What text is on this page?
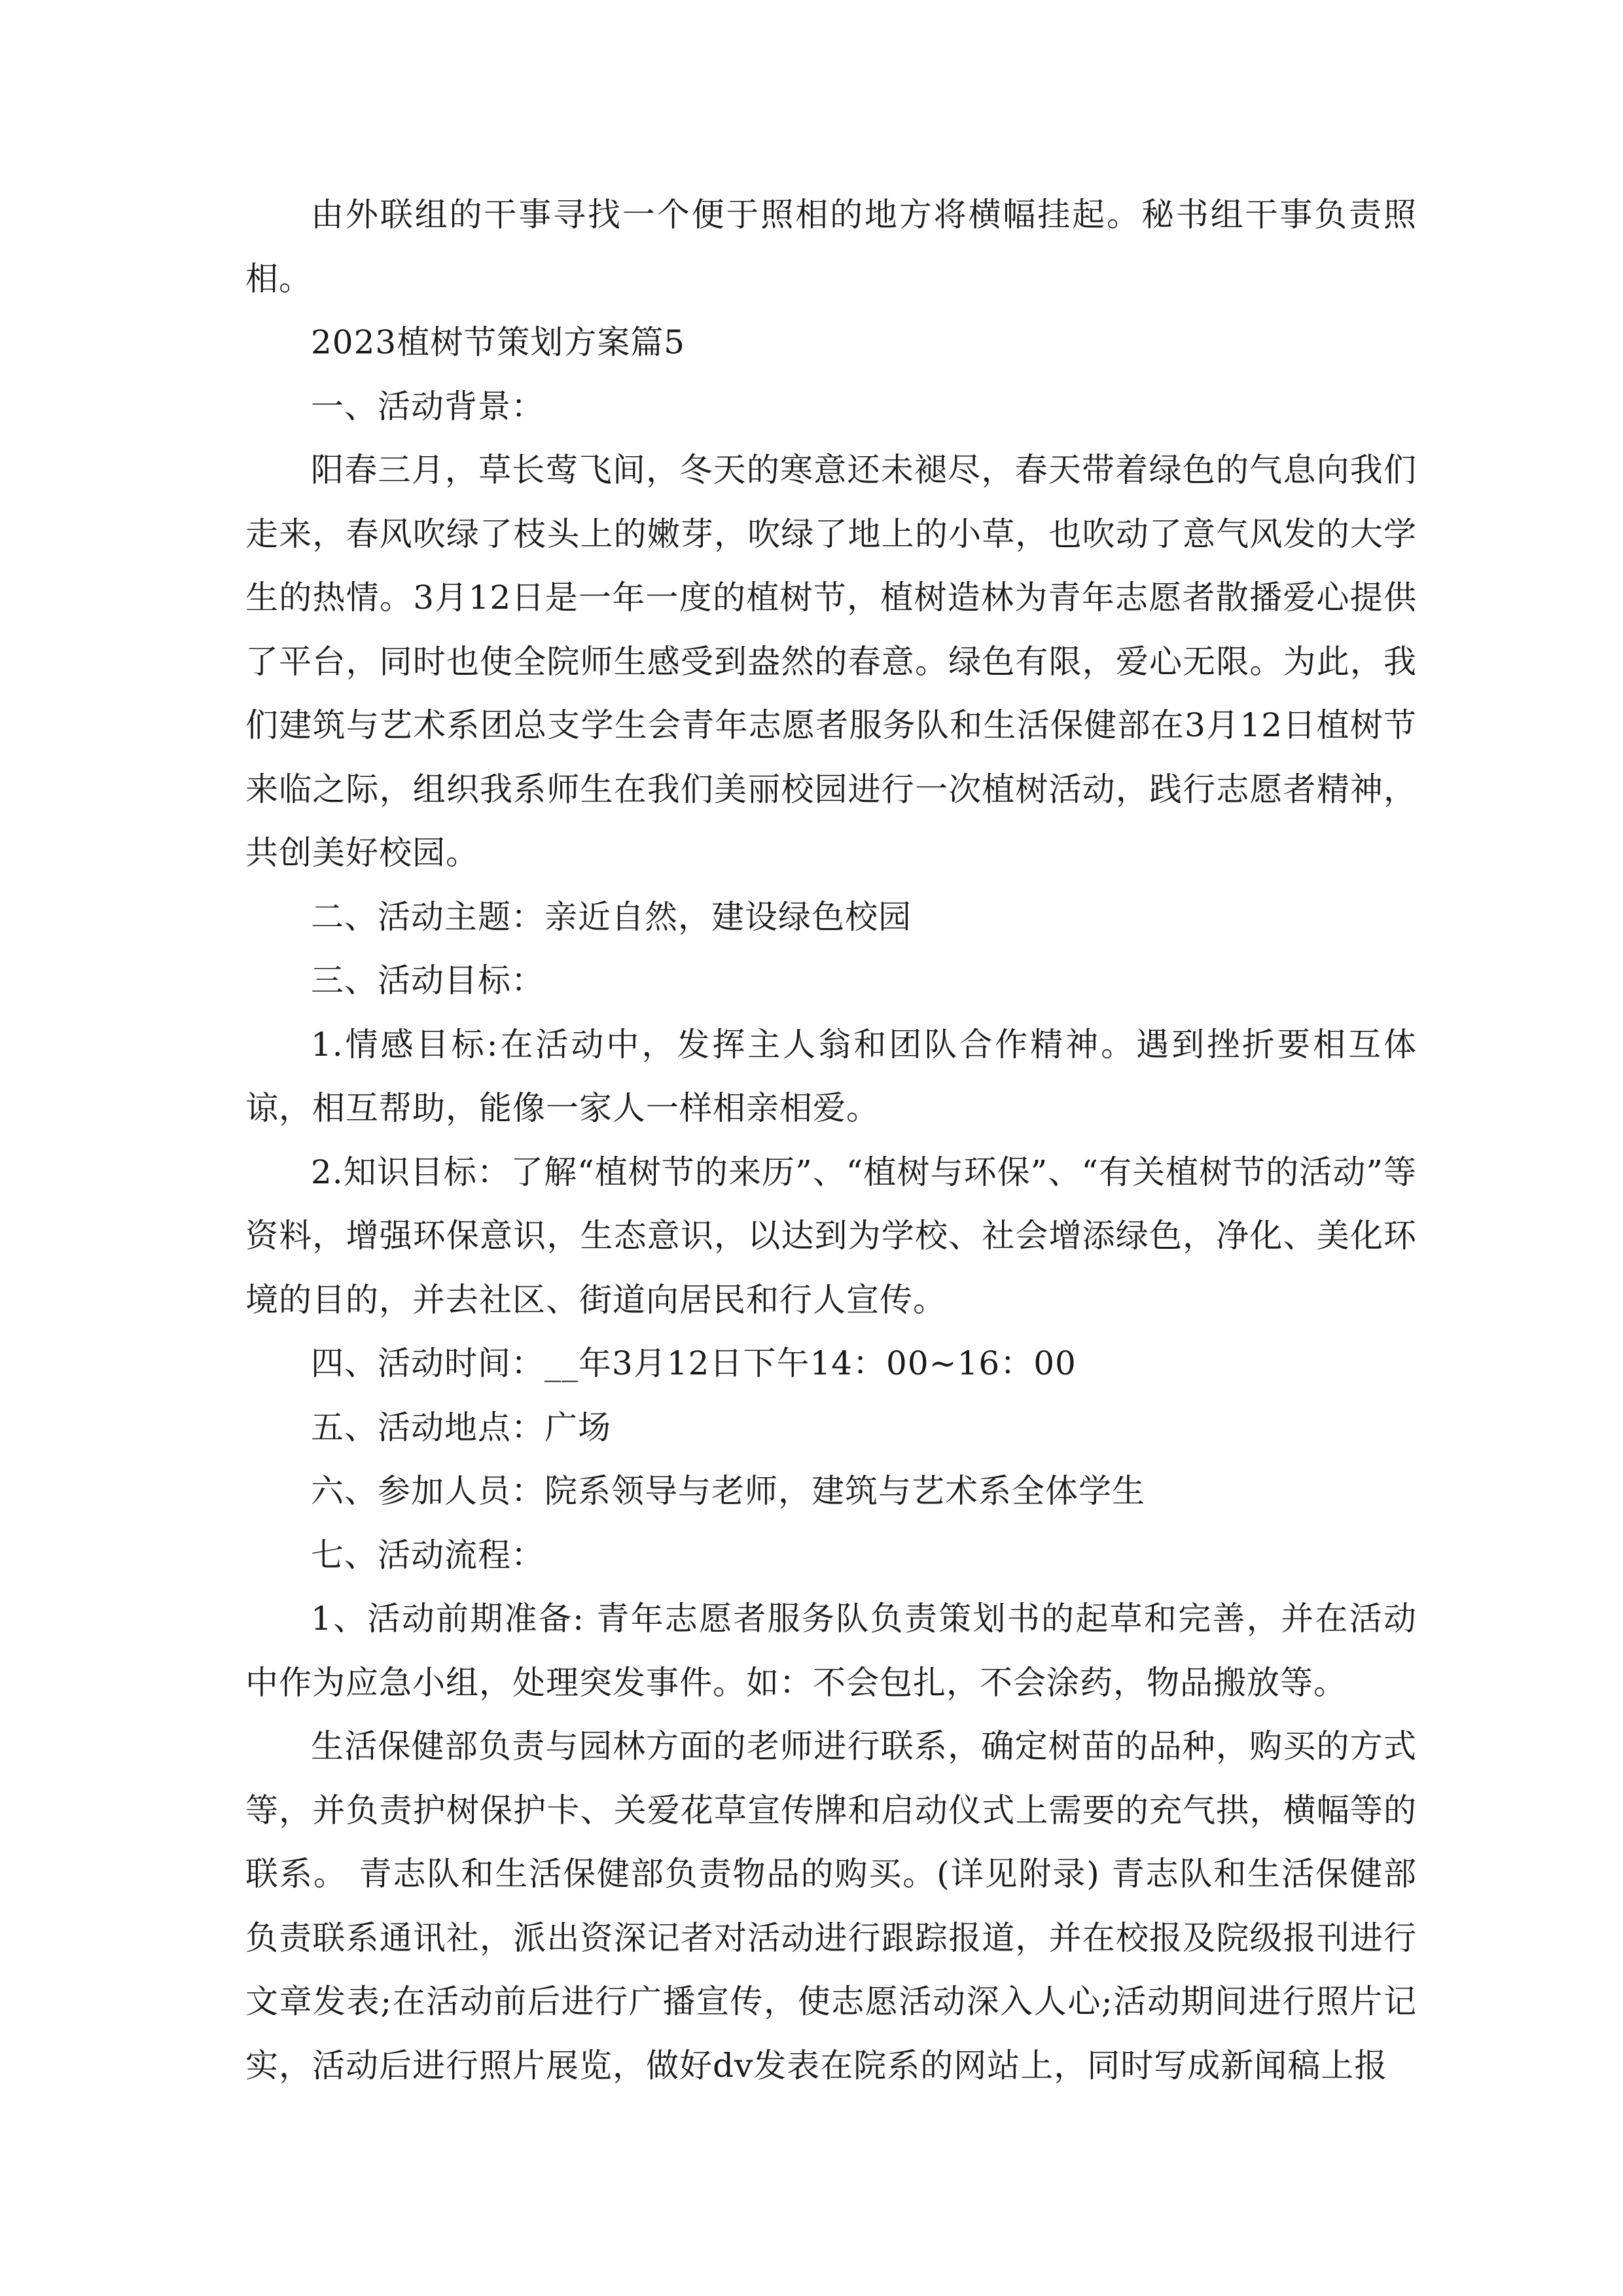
由外联组的干事寻找一个便于照相的地方将横幅挂起。秘书组干事负责照相。

2023植树节策划方案篇5

一、活动背景：

阳春三月，草长莺飞间，冬天的寒意还未褪尽，春天带着绿色的气息向我们走来，春风吹绿了枝头上的嫩芽，吹绿了地上的小草，也吹动了意气风发的大学生的热情。3月12日是一年一度的植树节，植树造林为青年志愿者散播爱心提供了平台，同时也使全院师生感受到盎然的春意。绿色有限，爱心无限。为此，我们建筑与艺术系团总支学生会青年志愿者服务队和生活保健部在3月12日植树节来临之际，组织我系师生在我们美丽校园进行一次植树活动，践行志愿者精神，共创美好校园。

二、活动主题：亲近自然，建设绿色校园

三、活动目标：

1.情感目标:在活动中，发挥主人翁和团队合作精神。遇到挫折要相互体谅，相互帮助，能像一家人一样相亲相爱。

2.知识目标：了解“植树节的来历”、“植树与环保”、“有关植树节的活动”等资料，增强环保意识，生态意识，以达到为学校、社会增添绿色，净化、美化环境的目的，并去社区、街道向居民和行人宣传。

四、活动时间：__年3月12日下午14：00~16：00

五、活动地点：广场

六、参加人员：院系领导与老师，建筑与艺术系全体学生

七、活动流程：

1、活动前期准备: 青年志愿者服务队负责策划书的起草和完善，并在活动中作为应急小组，处理突发事件。如：不会包扎，不会涂药，物品搬放等。

生活保健部负责与园林方面的老师进行联系，确定树苗的品种，购买的方式等，并负责护树保护卡、关爱花草宣传牌和启动仪式上需要的充气拱，横幅等的联系。 青志队和生活保健部负责物品的购买。(详见附录) 青志队和生活保健部负责联系通讯社，派出资深记者对活动进行跟踪报道，并在校报及院级报刊进行文章发表;在活动前后进行广播宣传，使志愿活动深入人心;活动期间进行照片记实，活动后进行照片展览，做好dv发表在院系的网站上，同时写成新闻稿上报
